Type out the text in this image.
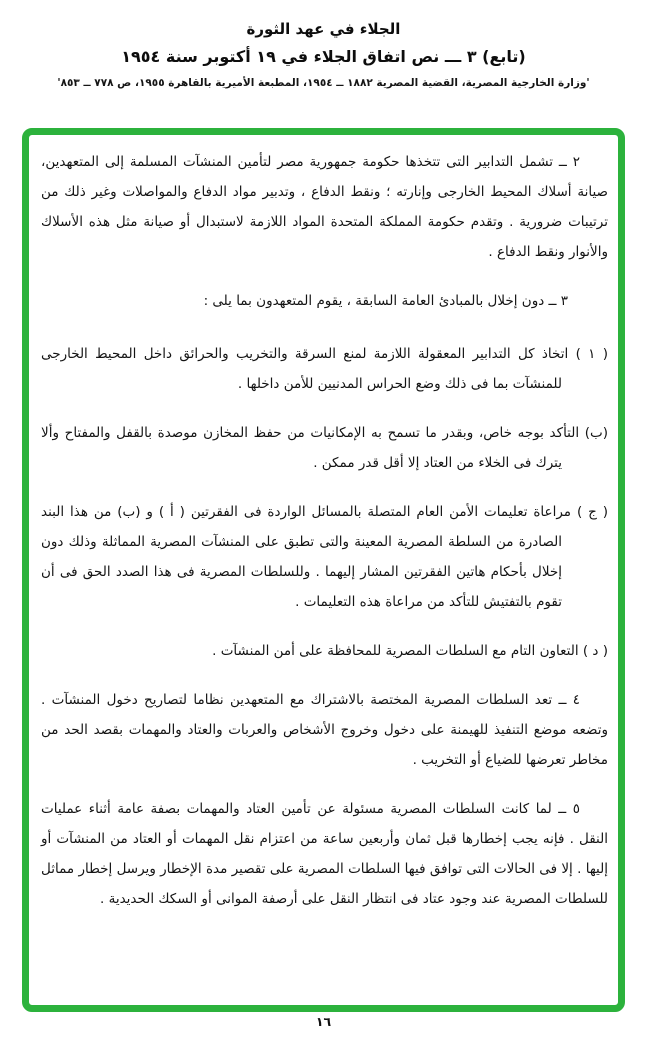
الجلاء في عهد الثورة
(تابع) ٣ ـــ نص اتفاق الجلاء في ١٩ أكتوبر سنة ١٩٥٤
'وزارة الخارجية المصرية، القضية المصرية ١٨٨٢ ــ ١٩٥٤، المطبعة الأميرية بالقاهرة ١٩٥٥، ص ٧٧٨ ــ ٨٥٣'

٢ ــ تشمل التدابير التى تتخذها حكومة جمهورية مصر لتأمين المنشآت المسلمة إلى المتعهدين، صيانة أسلاك المحيط الخارجى وإنارته ؛ ونقط الدفاع ، وتدبير مواد الدفاع والمواصلات وغير ذلك من ترتيبات ضرورية . وتقدم حكومة المملكة المتحدة المواد اللازمة لاستبدال أو صيانة مثل هذه الأسلاك والأنوار ونقط الدفاع .

٣ ــ دون إخلال بالمبادئ العامة السابقة ، يقوم المتعهدون بما يلى :

( ١ ) اتخاذ كل التدابير المعقولة اللازمة لمنع السرقة والتخريب والحرائق داخل المحيط الخارجى للمنشآت بما فى ذلك وضع الحراس المدنيين للأمن داخلها .

(ب) التأكد بوجه خاص، وبقدر ما تسمح به الإمكانيات من حفظ المخازن موصدة بالقفل والمفتاح وألا يترك فى الخلاء من العتاد إلا أقل قدر ممكن .

( ج ) مراعاة تعليمات الأمن العام المتصلة بالمسائل الواردة فى الفقرتين ( أ ) و (ب) من هذا البند الصادرة من السلطة المصرية المعينة والتى تطبق على المنشآت المصرية المماثلة وذلك دون إخلال بأحكام هاتين الفقرتين المشار إليهما . وللسلطات المصرية فى هذا الصدد الحق فى أن تقوم بالتفتيش للتأكد من مراعاة هذه التعليمات .

( د ) التعاون التام مع السلطات المصرية للمحافظة على أمن المنشآت .

٤ ــ تعد السلطات المصرية المختصة بالاشتراك مع المتعهدين نظاما لتصاريح دخول المنشآت . وتضعه موضع التنفيذ للهيمنة على دخول وخروج الأشخاص والعربات والعتاد والمهمات بقصد الحد من مخاطر تعرضها للضياع أو التخريب .

٥ ــ لما كانت السلطات المصرية مسئولة عن تأمين العتاد والمهمات بصفة عامة أثناء عمليات النقل . فإنه يجب إخطارها قبل ثمان وأربعين ساعة من اعتزام نقل المهمات أو العتاد من المنشآت أو إليها . إلا فى الحالات التى توافق فيها السلطات المصرية على تقصير مدة الإخطار ويرسل إخطار مماثل للسلطات المصرية عند وجود عتاد فى انتظار النقل على أرصفة الموانى أو السكك الحديدية .

١٦
